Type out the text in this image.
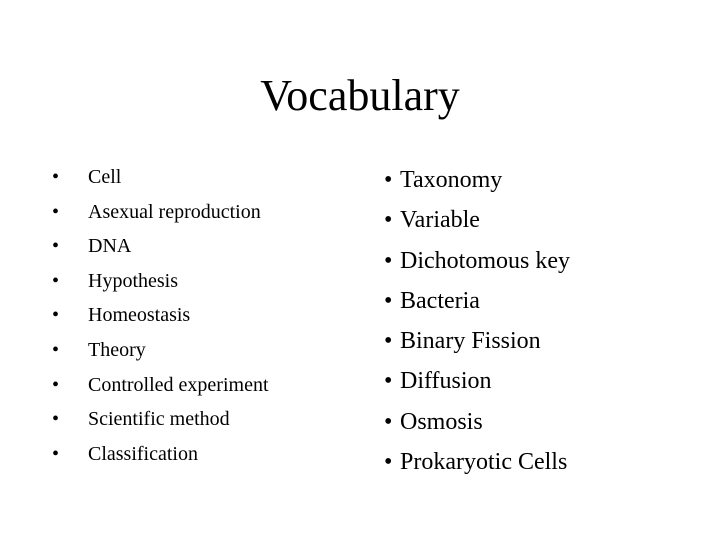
Vocabulary
•	Cell
•	Asexual reproduction
•	DNA
•	Hypothesis
•	Homeostasis
•	Theory
•	Controlled experiment
•	Scientific method
•	Classification
• Taxonomy
• Variable
• Dichotomous key
• Bacteria
• Binary Fission
• Diffusion
• Osmosis
• Prokaryotic Cells
